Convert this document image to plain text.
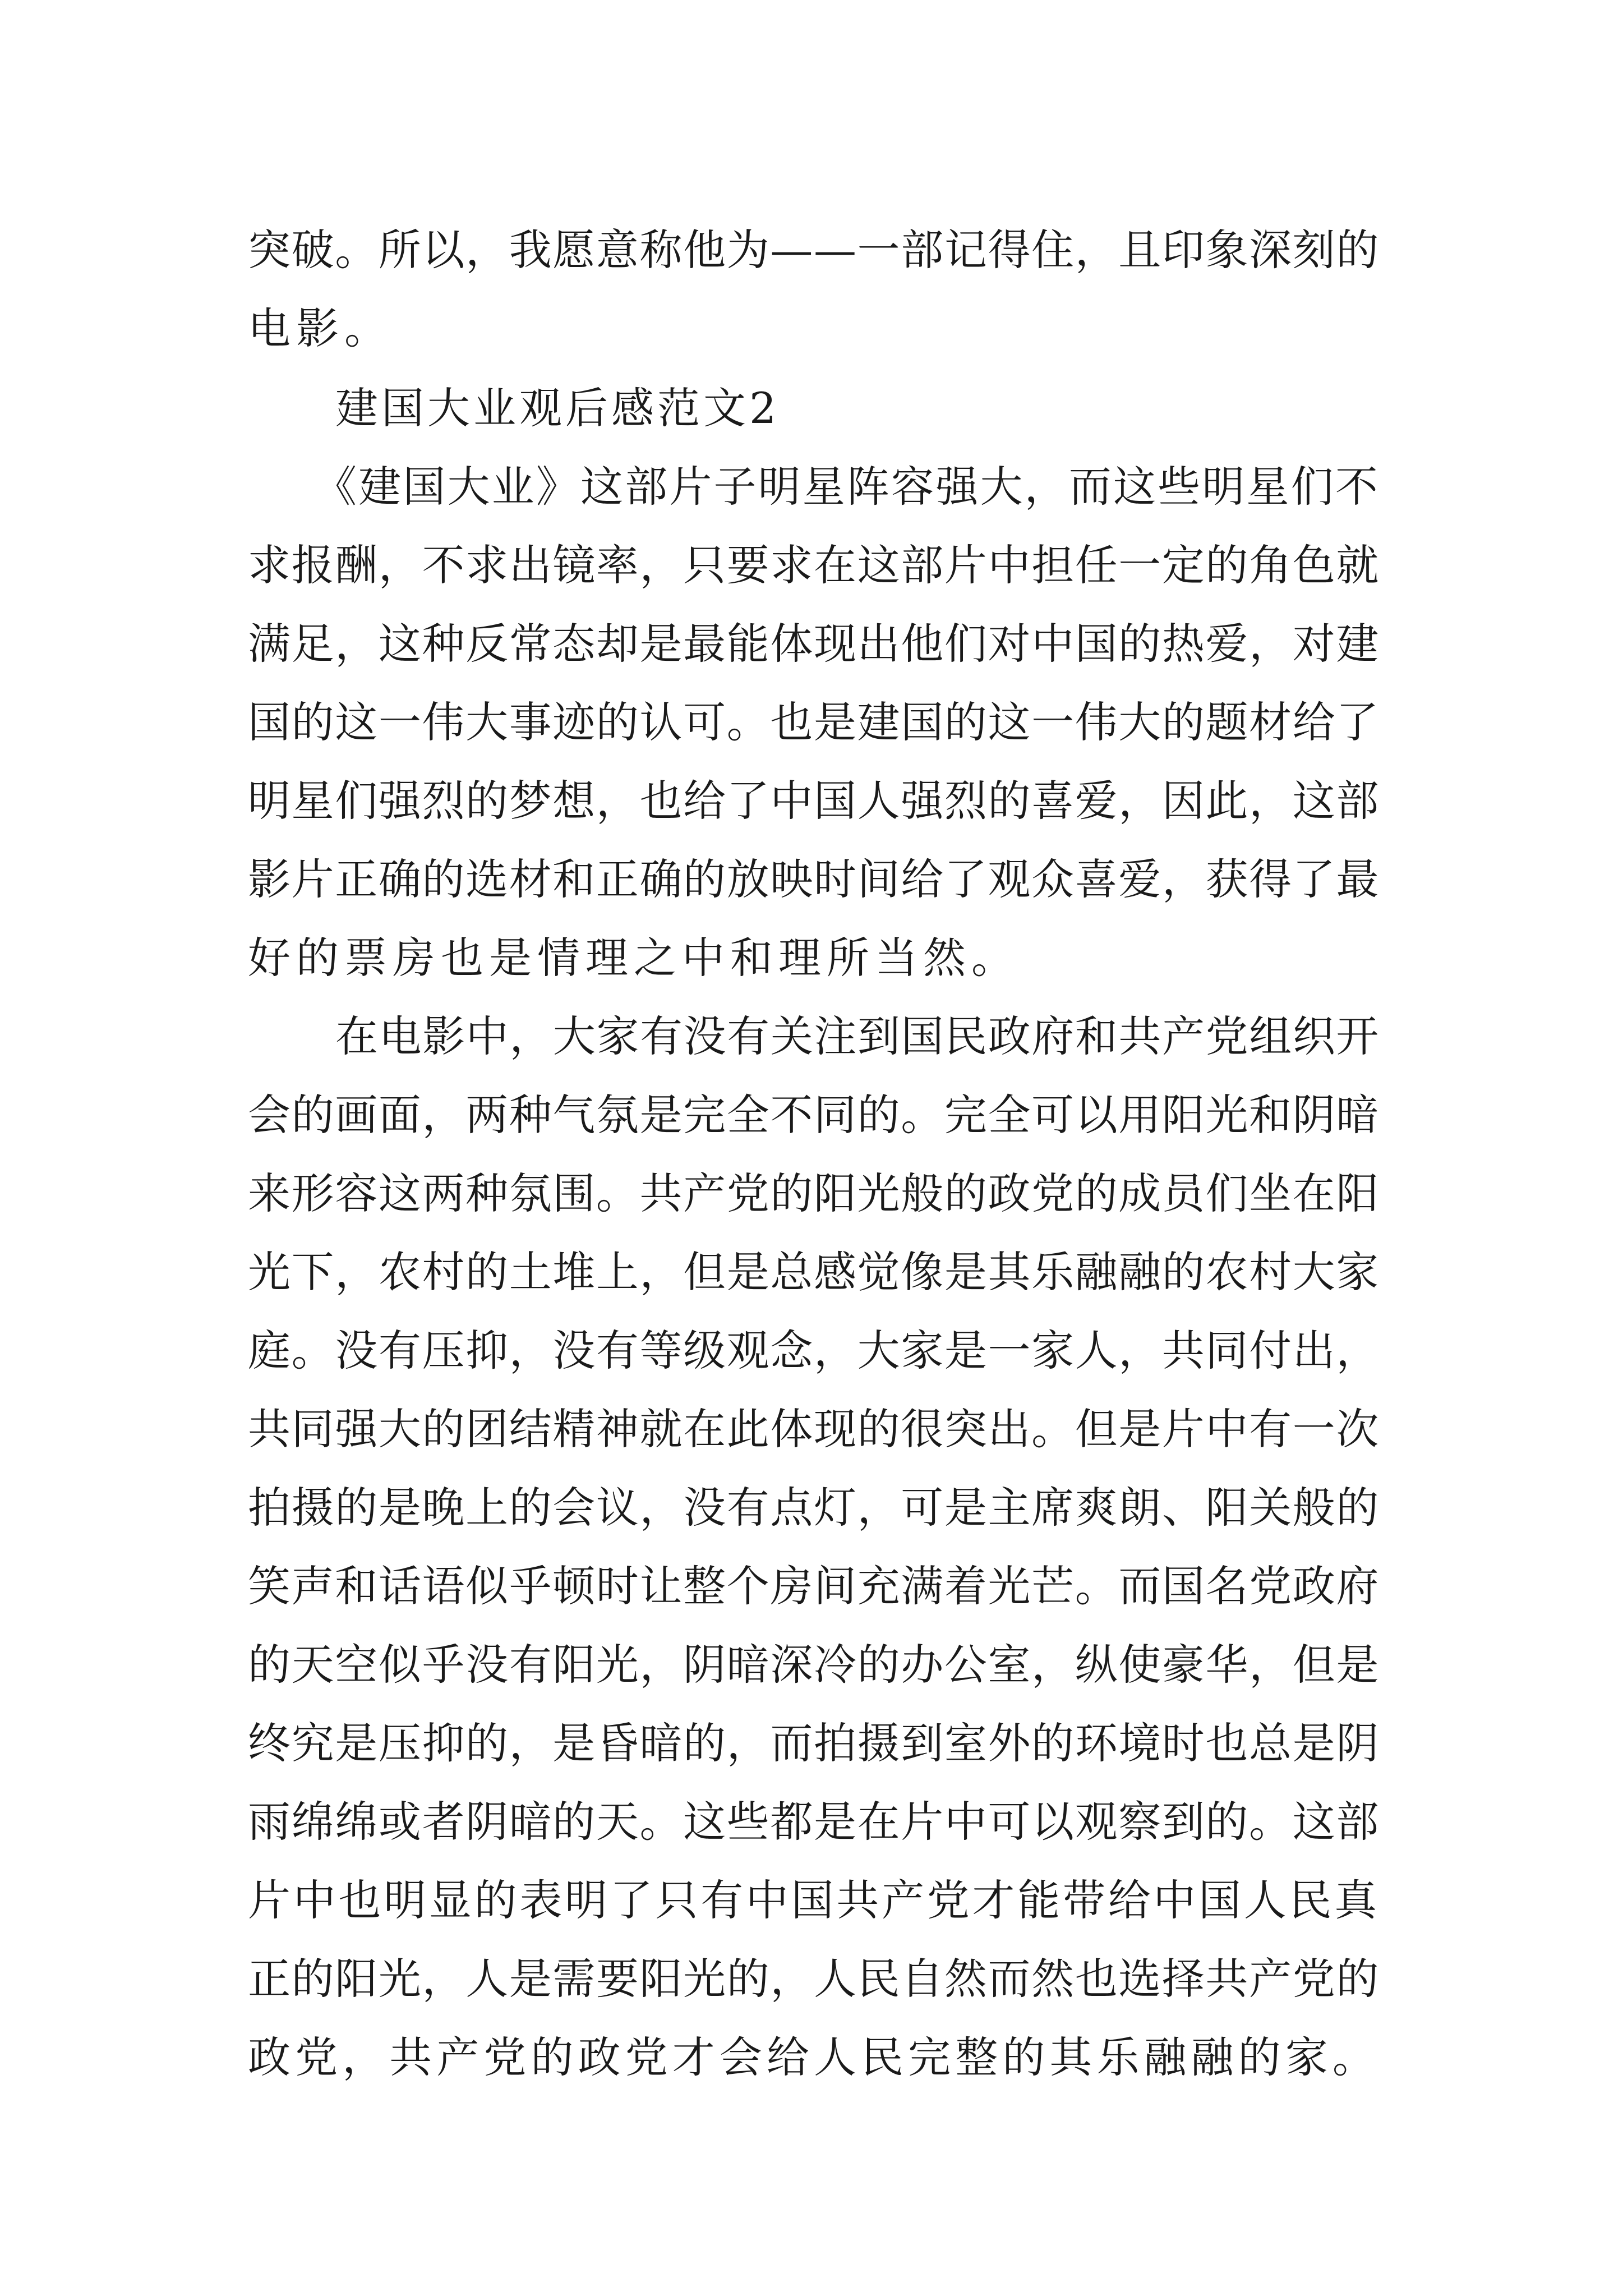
突破。所以，我愿意称他为——一部记得住，且印象深刻的
电影。
建国大业观后感范文2
《建国大业》这部片子明星阵容强大，而这些明星们不
求报酬，不求出镜率，只要求在这部片中担任一定的角色就
满足，这种反常态却是最能体现出他们对中国的热爱，对建
国的这一伟大事迹的认可。也是建国的这一伟大的题材给了
明星们强烈的梦想，也给了中国人强烈的喜爱，因此，这部
影片正确的选材和正确的放映时间给了观众喜爱，获得了最
好的票房也是情理之中和理所当然。
在电影中，大家有没有关注到国民政府和共产党组织开
会的画面，两种气氛是完全不同的。完全可以用阳光和阴暗
来形容这两种氛围。共产党的阳光般的政党的成员们坐在阳
光下，农村的土堆上，但是总感觉像是其乐融融的农村大家
庭。没有压抑，没有等级观念，大家是一家人，共同付出，
共同强大的团结精神就在此体现的很突出。但是片中有一次
拍摄的是晚上的会议，没有点灯，可是主席爽朗、阳关般的
笑声和话语似乎顿时让整个房间充满着光芒。而国名党政府
的天空似乎没有阳光，阴暗深冷的办公室，纵使豪华，但是
终究是压抑的，是昏暗的，而拍摄到室外的环境时也总是阴
雨绵绵或者阴暗的天。这些都是在片中可以观察到的。这部
片中也明显的表明了只有中国共产党才能带给中国人民真
正的阳光，人是需要阳光的，人民自然而然也选择共产党的
政党，共产党的政党才会给人民完整的其乐融融的家。
